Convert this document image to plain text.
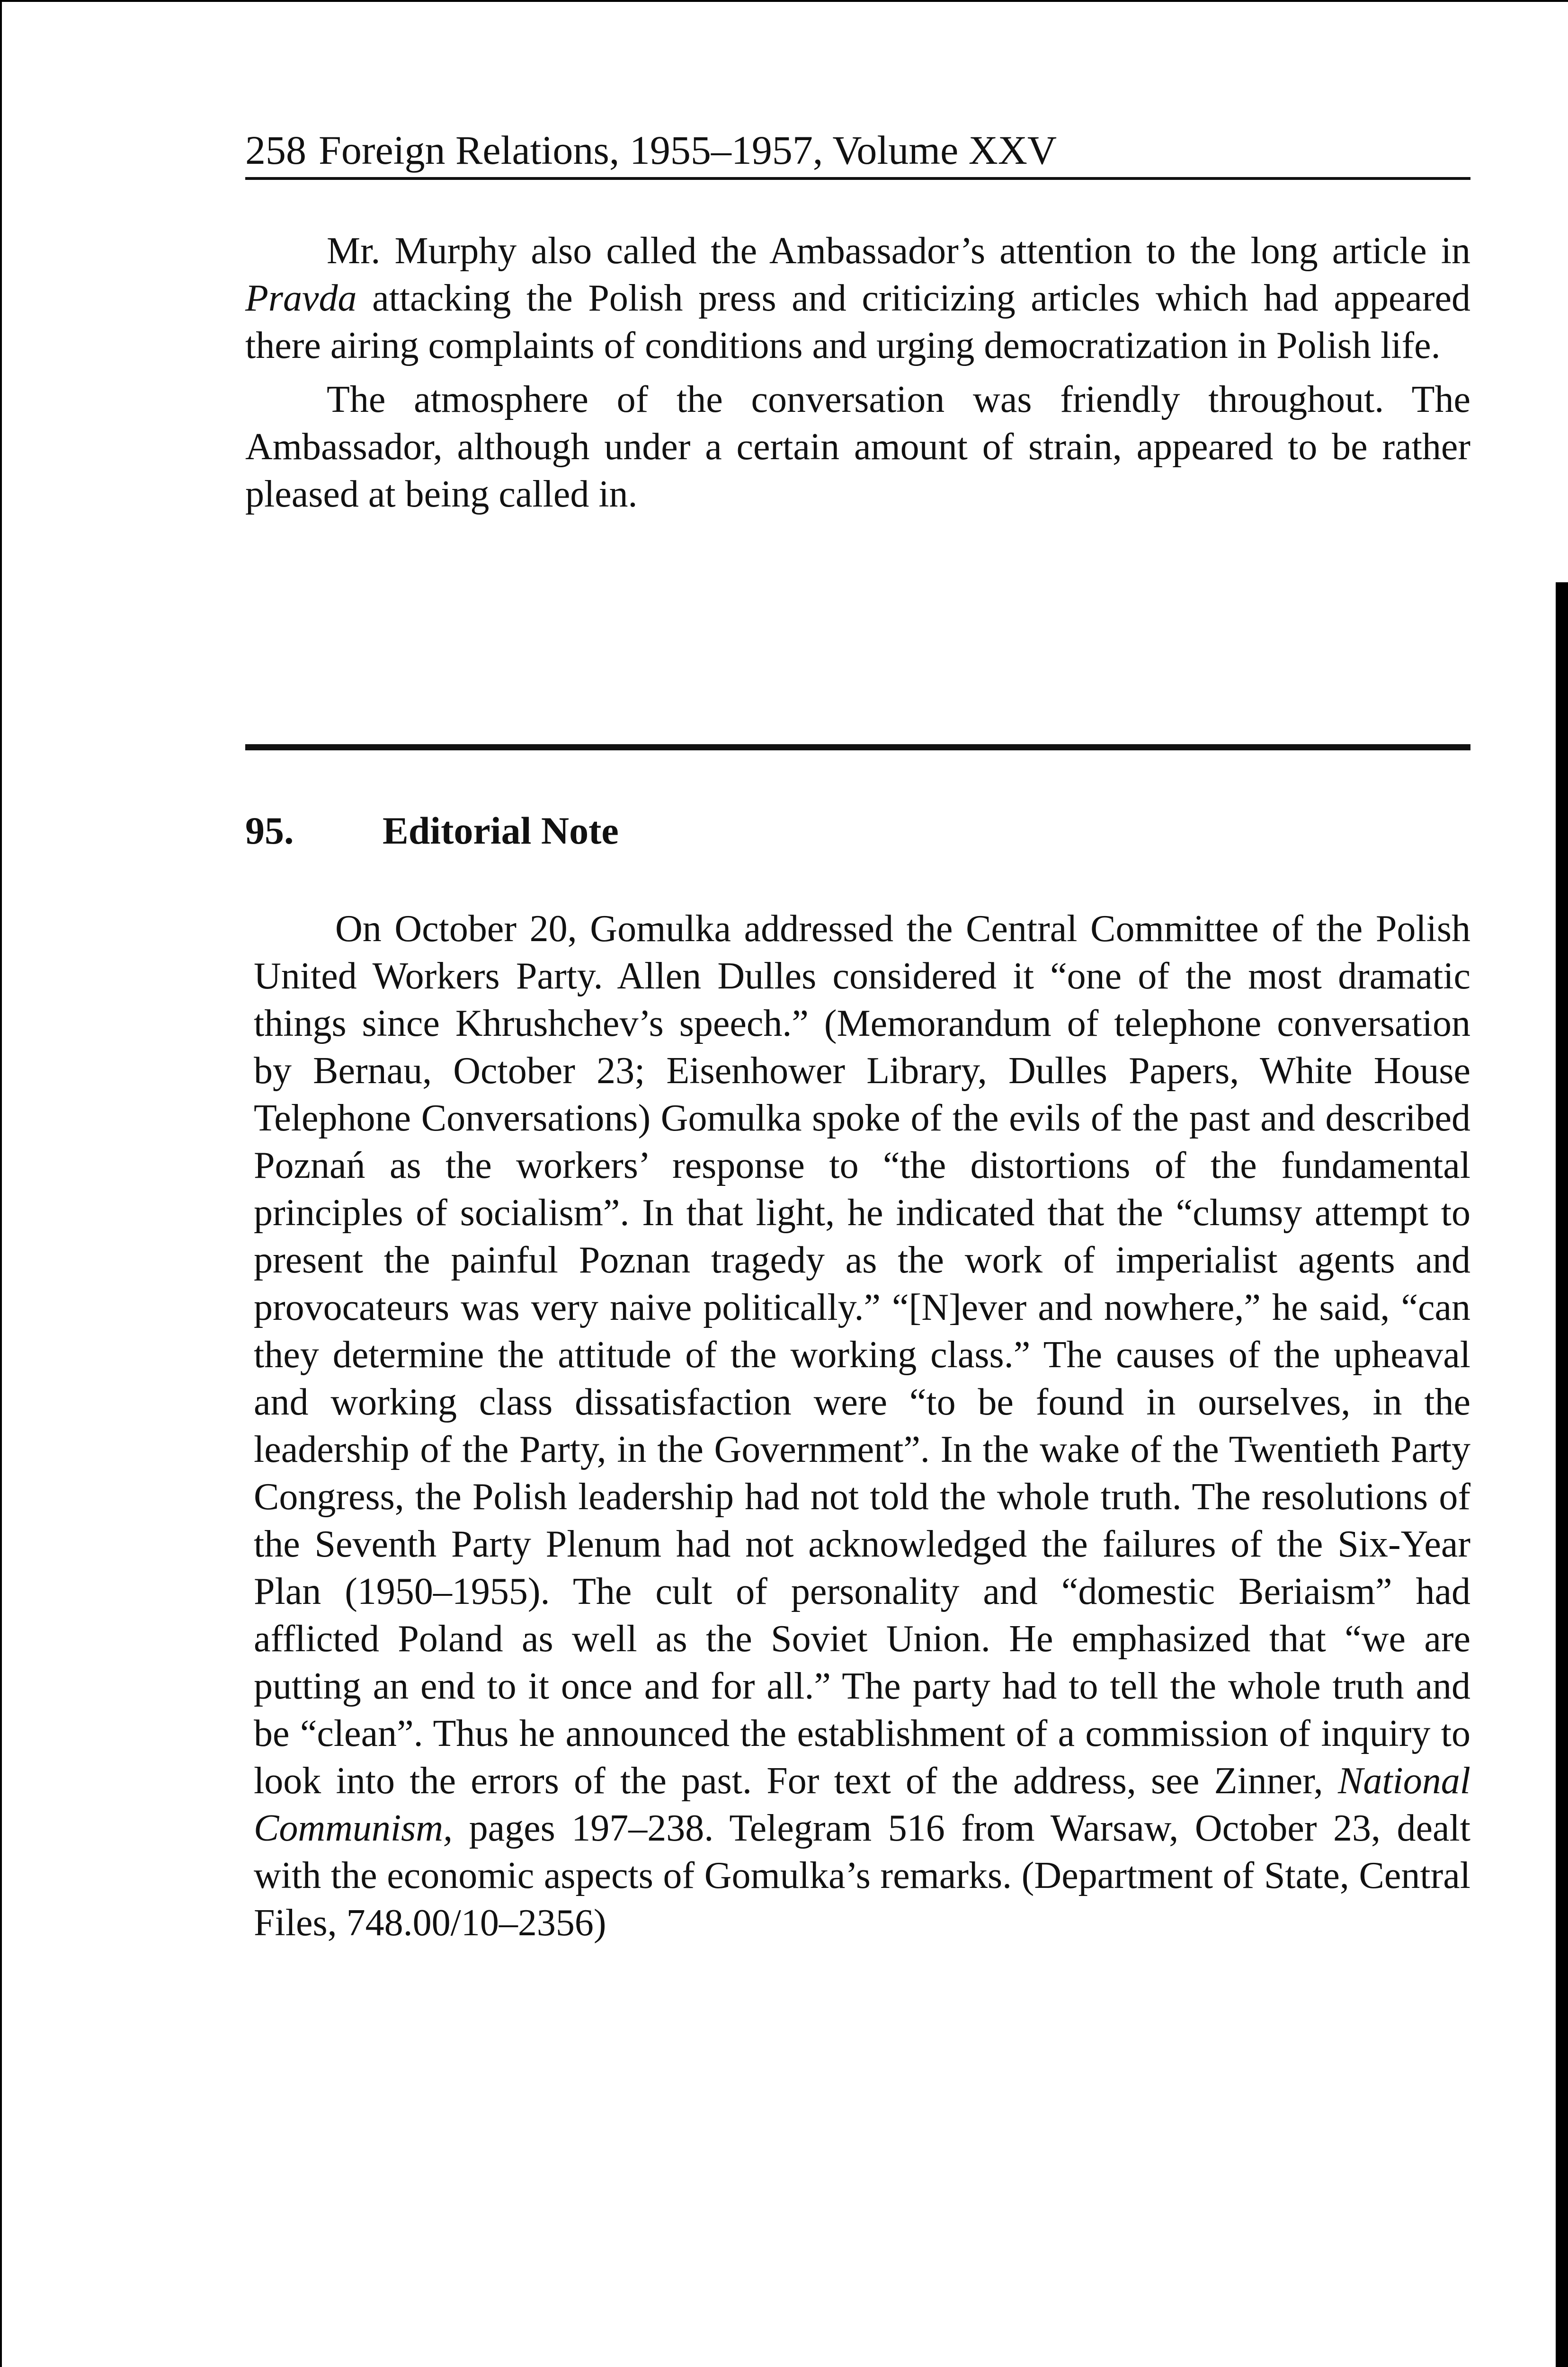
258 Foreign Relations, 1955–1957, Volume XXV

Mr. Murphy also called the Ambassador’s attention to the long article in Pravda attacking the Polish press and criticizing articles which had appeared there airing complaints of conditions and urging democratization in Polish life.

The atmosphere of the conversation was friendly throughout. The Ambassador, although under a certain amount of strain, appeared to be rather pleased at being called in.

95. Editorial Note

On October 20, Gomulka addressed the Central Committee of the Polish United Workers Party. Allen Dulles considered it “one of the most dramatic things since Khrushchev’s speech.” (Memorandum of telephone conversation by Bernau, October 23; Eisenhower Library, Dulles Papers, White House Telephone Conversations) Gomulka spoke of the evils of the past and described Poznań as the workers’ response to “the distortions of the fundamental principles of socialism”. In that light, he indicated that the “clumsy attempt to present the painful Poznan tragedy as the work of imperialist agents and provocateurs was very naive politically.” “[N]ever and nowhere,” he said, “can they determine the attitude of the working class.” The causes of the upheaval and working class dissatisfaction were “to be found in ourselves, in the leadership of the Party, in the Government”. In the wake of the Twentieth Party Congress, the Polish leadership had not told the whole truth. The resolutions of the Seventh Party Plenum had not acknowledged the failures of the Six-Year Plan (1950–1955). The cult of personality and “domestic Beriaism” had afflicted Poland as well as the Soviet Union. He emphasized that “we are putting an end to it once and for all.” The party had to tell the whole truth and be “clean”. Thus he announced the establishment of a commission of inquiry to look into the errors of the past. For text of the address, see Zinner, National Communism, pages 197–238. Telegram 516 from Warsaw, October 23, dealt with the economic aspects of Gomulka’s remarks. (Department of State, Central Files, 748.00/10–2356)
